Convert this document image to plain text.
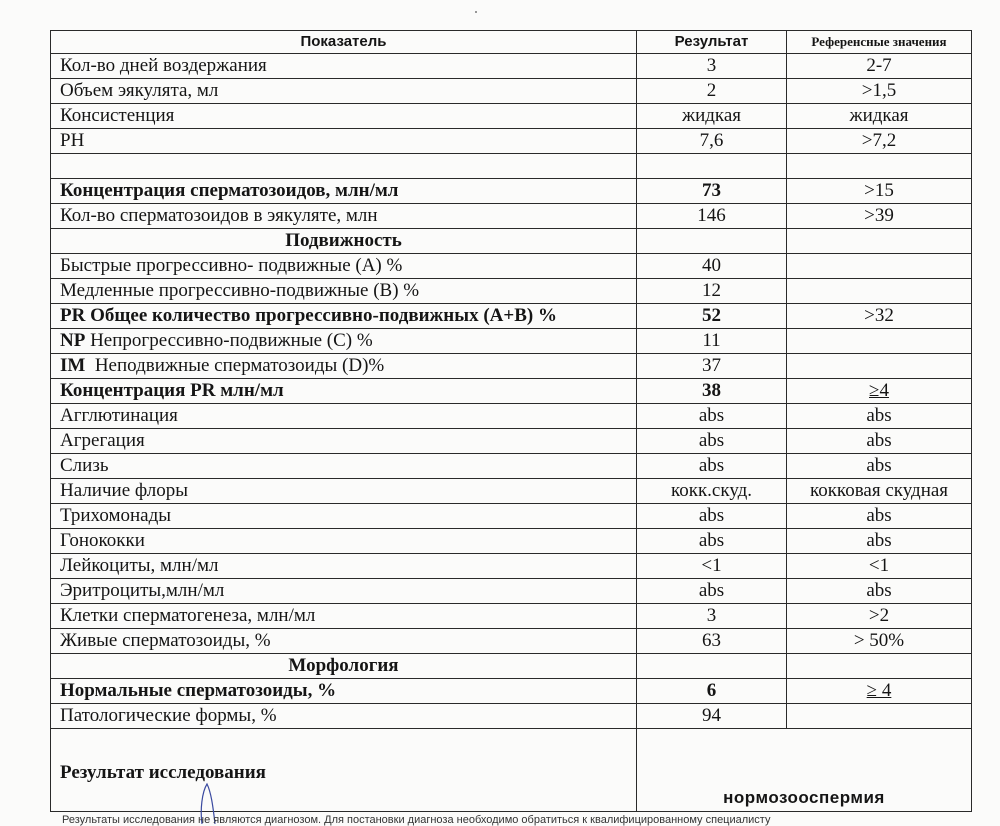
Показатель	Результат	Референсные значения
Кол-во дней воздержания	3	2-7
Объем эякулята, мл	2	>1,5
Консистенция	жидкая	жидкая
PH	7,6	>7,2

Концентрация сперматозоидов, млн/мл	73	>15
Кол-во сперматозоидов в эякуляте, млн	146	>39
Подвижность		
Быстрые прогрессивно- подвижные (А) %	40	
Медленные прогрессивно-подвижные (В) %	12	
PR Общее количество прогрессивно-подвижных (А+В) %	52	>32
NP Непрогрессивно-подвижные (С) %	11	
IM  Неподвижные сперматозоиды (D)%	37	
Концентрация PR млн/мл	38	≥4
Агглютинация	abs	abs
Агрегация	abs	abs
Слизь	abs	abs
Наличие флоры	кокк.скуд.	кокковая скудная
Трихомонады	abs	abs
Гонококки	abs	abs
Лейкоциты, млн/мл	<1	<1
Эритроциты,млн/мл	abs	abs
Клетки сперматогенеза, млн/мл	3	>2
Живые сперматозоиды, %	63	> 50%
Морфология		
Нормальные сперматозоиды, %	6	≥ 4
Патологические формы, %	94	
Результат исследования	нормозооспермия	
Результаты исследования не являются диагнозом. Для постановки диагноза необходимо обратиться к квалифицированному специалисту
